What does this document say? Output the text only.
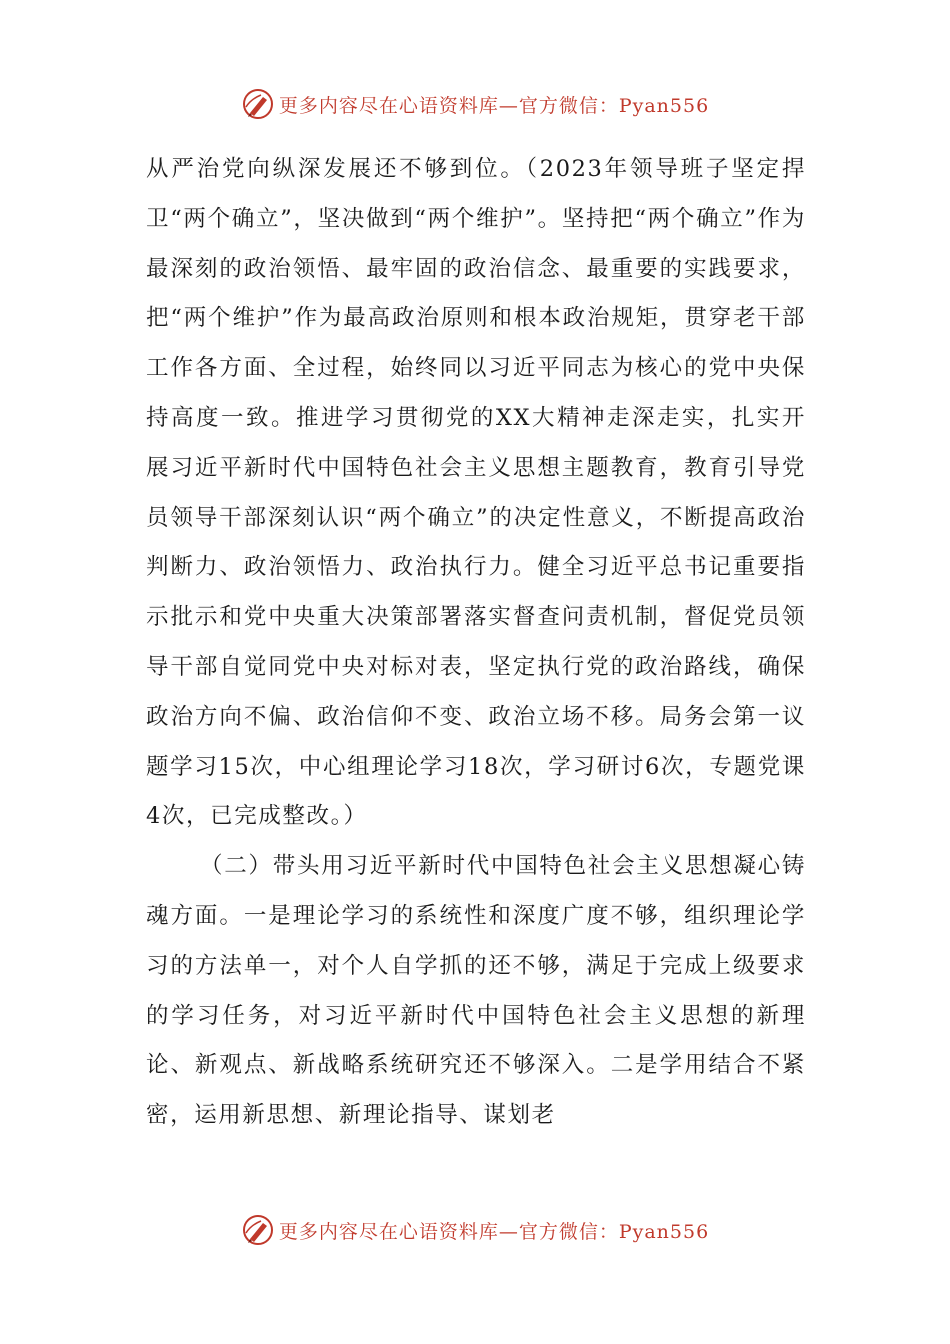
更多内容尽在心语资料库—官方微信：Pyan556

从严治党向纵深发展还不够到位。（2023年领导班子坚定捍卫“两个确立”，坚决做到“两个维护”。坚持把“两个确立”作为最深刻的政治领悟、最牢固的政治信念、最重要的实践要求，把“两个维护”作为最高政治原则和根本政治规矩，贯穿老干部工作各方面、全过程，始终同以习近平同志为核心的党中央保持高度一致。推进学习贯彻党的XX大精神走深走实，扎实开展习近平新时代中国特色社会主义思想主题教育，教育引导党员领导干部深刻认识“两个确立”的决定性意义，不断提高政治判断力、政治领悟力、政治执行力。健全习近平总书记重要指示批示和党中央重大决策部署落实督查问责机制，督促党员领导干部自觉同党中央对标对表，坚定执行党的政治路线，确保政治方向不偏、政治信仰不变、政治立场不移。局务会第一议题学习15次，中心组理论学习18次，学习研讨6次，专题党课4次，已完成整改。）

（二）带头用习近平新时代中国特色社会主义思想凝心铸魂方面。一是理论学习的系统性和深度广度不够，组织理论学习的方法单一，对个人自学抓的还不够，满足于完成上级要求的学习任务，对习近平新时代中国特色社会主义思想的新理论、新观点、新战略系统研究还不够深入。二是学用结合不紧密，运用新思想、新理论指导、谋划老

更多内容尽在心语资料库—官方微信：Pyan556
